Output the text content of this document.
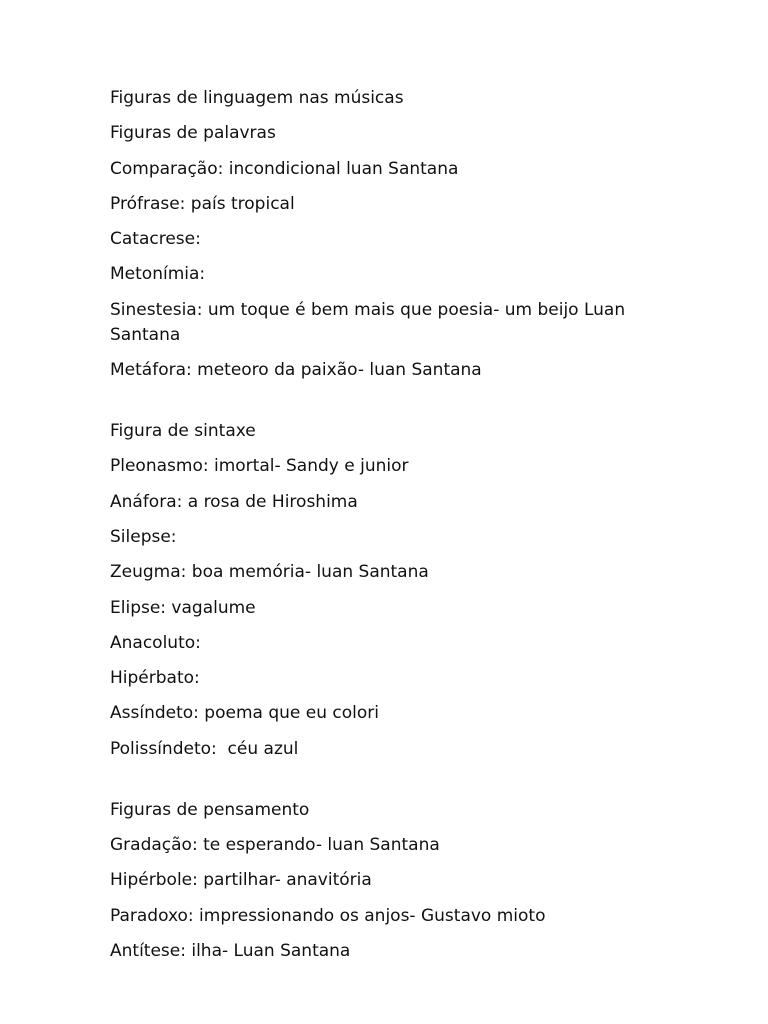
Figuras de linguagem nas músicas

Figuras de palavras

Comparação: incondicional luan Santana

Prófrase: país tropical

Catacrese:

Metonímia:

Sinestesia: um toque é bem mais que poesia- um beijo Luan Santana

Metáfora: meteoro da paixão- luan Santana

Figura de sintaxe

Pleonasmo: imortal- Sandy e junior

Anáfora: a rosa de Hiroshima

Silepse:

Zeugma: boa memória- luan Santana

Elipse: vagalume

Anacoluto:

Hipérbato:

Assíndeto: poema que eu colori

Polissíndeto:  céu azul

Figuras de pensamento

Gradação: te esperando- luan Santana

Hipérbole: partilhar- anavitória

Paradoxo: impressionando os anjos- Gustavo mioto

Antítese: ilha- Luan Santana
